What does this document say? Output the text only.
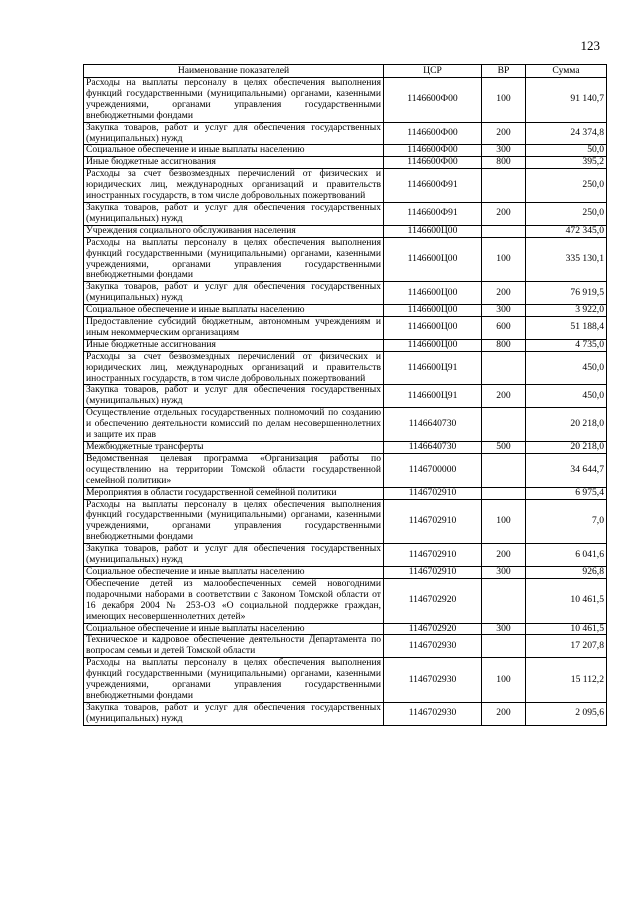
123
Наименование показателей	ЦСР	ВР	Сумма
Расходы на выплаты персоналу в целях обеспечения выполнения функций государственными (муниципальными) органами, казенными учреждениями, органами управления государственными внебюджетными фондами	1146600Ф00	100	91 140,7
Закупка товаров, работ и услуг для обеспечения государственных (муниципальных) нужд	1146600Ф00	200	24 374,8
Социальное обеспечение и иные выплаты населению	1146600Ф00	300	50,0
Иные бюджетные ассигнования	1146600Ф00	800	395,2
Расходы за счет безвозмездных перечислений от физических и юридических лиц, международных организаций и правительств иностранных государств, в том числе добровольных пожертвований	1146600Ф91		250,0
Закупка товаров, работ и услуг для обеспечения государственных (муниципальных) нужд	1146600Ф91	200	250,0
Учреждения социального обслуживания населения	1146600Ц00		472 345,0
Расходы на выплаты персоналу в целях обеспечения выполнения функций государственными (муниципальными) органами, казенными учреждениями, органами управления государственными внебюджетными фондами	1146600Ц00	100	335 130,1
Закупка товаров, работ и услуг для обеспечения государственных (муниципальных) нужд	1146600Ц00	200	76 919,5
Социальное обеспечение и иные выплаты населению	1146600Ц00	300	3 922,0
Предоставление субсидий бюджетным, автономным учреждениям и иным некоммерческим организациям	1146600Ц00	600	51 188,4
Иные бюджетные ассигнования	1146600Ц00	800	4 735,0
Расходы за счет безвозмездных перечислений от физических и юридических лиц, международных организаций и правительств иностранных государств, в том числе добровольных пожертвований	1146600Ц91		450,0
Закупка товаров, работ и услуг для обеспечения государственных (муниципальных) нужд	1146600Ц91	200	450,0
Осуществление отдельных государственных полномочий по созданию и обеспечению деятельности комиссий по делам несовершеннолетних и защите их прав	1146640730		20 218,0
Межбюджетные трансферты	1146640730	500	20 218,0
Ведомственная целевая программа «Организация работы по осуществлению на территории Томской области государственной семейной политики»	1146700000		34 644,7
Мероприятия в области государственной семейной политики	1146702910		6 975,4
Расходы на выплаты персоналу в целях обеспечения выполнения функций государственными (муниципальными) органами, казенными учреждениями, органами управления государственными внебюджетными фондами	1146702910	100	7,0
Закупка товаров, работ и услуг для обеспечения государственных (муниципальных) нужд	1146702910	200	6 041,6
Социальное обеспечение и иные выплаты населению	1146702910	300	926,8
Обеспечение детей из малообеспеченных семей новогодними подарочными наборами в соответствии с Законом Томской области от 16 декабря 2004 № 253-ОЗ «О социальной поддержке граждан, имеющих несовершеннолетних детей»	1146702920		10 461,5
Социальное обеспечение и иные выплаты населению	1146702920	300	10 461,5
Техническое и кадровое обеспечение деятельности Департамента по вопросам семьи и детей Томской области	1146702930		17 207,8
Расходы на выплаты персоналу в целях обеспечения выполнения функций государственными (муниципальными) органами, казенными учреждениями, органами управления государственными внебюджетными фондами	1146702930	100	15 112,2
Закупка товаров, работ и услуг для обеспечения государственных (муниципальных) нужд	1146702930	200	2 095,6
